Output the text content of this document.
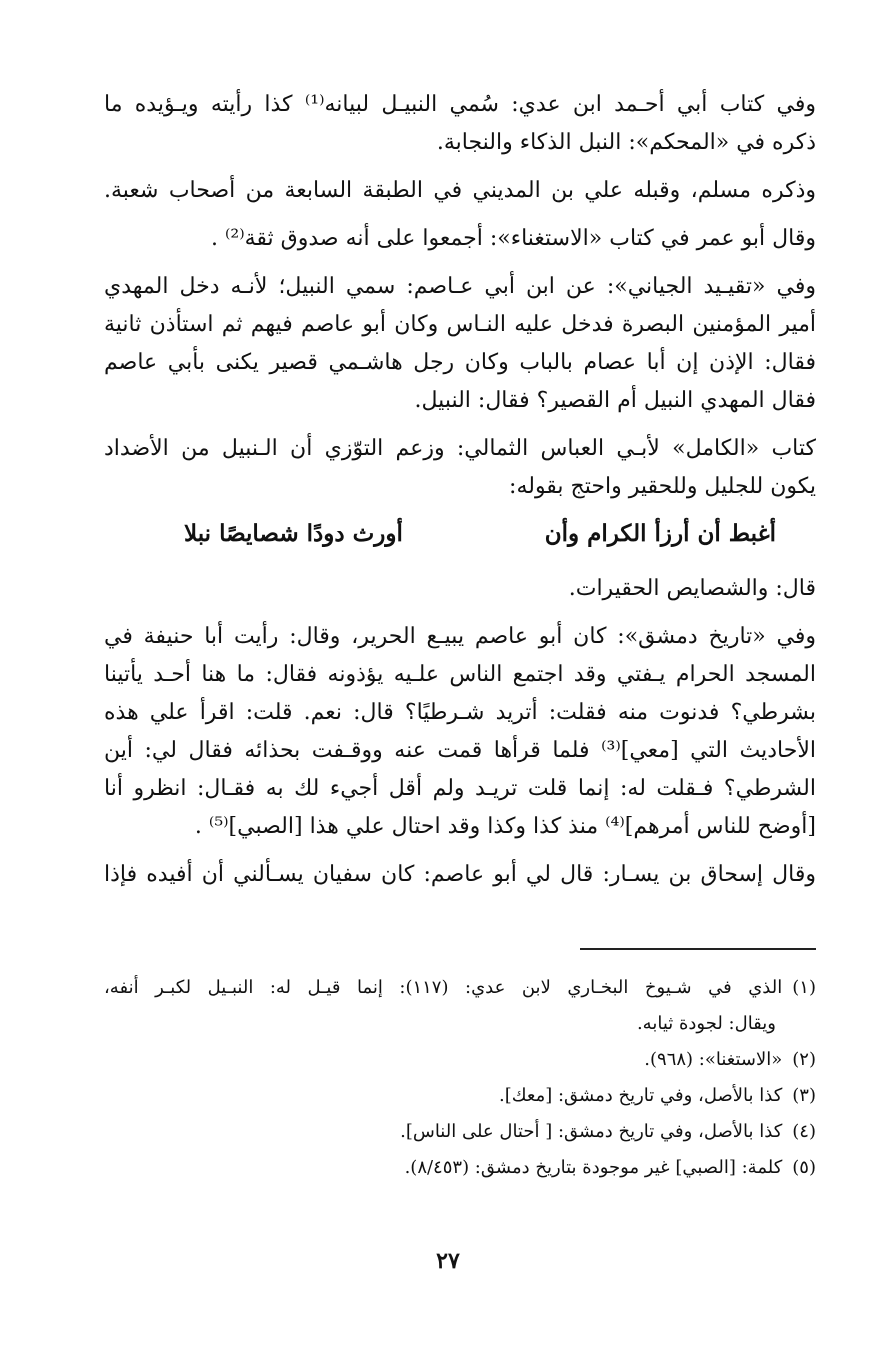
وفي كتاب أبي أحـمد ابن عدي: سُمي النبيـل لبيانه⁽¹⁾ كذا رأيته ويـؤيده ما
ذكره في «المحكم»: النبل الذكاء والنجابة.
وذكره مسلم، وقبله علي بن المديني في الطبقة السابعة من أصحاب شعبة.
وقال أبو عمر في كتاب «الاستغناء»: أجمعوا على أنه صدوق ثقة⁽²⁾ .
وفي «تقيـيد الجياني»: عن ابن أبي عـاصم: سمي النبيل؛ لأنـه دخل المهدي
أمير المؤمنين البصرة فدخل عليه النـاس وكان أبو عاصم فيهم ثم استأذن ثانية
فقال: الإذن إن أبا عصام بالباب وكان رجل هاشـمي قصير يكنى بأبي عاصم
فقال المهدي النبيل أم القصير؟ فقال: النبيل.
كتاب «الكامل» لأبـي العباس الثمالي: وزعم التوّزي أن الـنبيل من الأضداد
يكون للجليل وللحقير واحتج بقوله:
أغبط أن أرزأ الكرام وأن
أورث دودًا شصايصًا نبلا
قال: والشصايص الحقيرات.
وفي «تاريخ دمشق»: كان أبو عاصم يبيـع الحرير، وقال: رأيت أبا حنيفة في
المسجد الحرام يـفتي وقد اجتمع الناس علـيه يؤذونه فقال: ما هنا أحـد يأتينا
بشرطي؟ فدنوت منه فقلت: أتريد شـرطيًا؟ قال: نعم. قلت: اقرأ علي هذه
الأحاديث التي [معي]⁽³⁾ فلما قرأها قمت عنه ووقـفت بحذائه فقال لي: أين
الشرطي؟ فـقلت له: إنما قلت تريـد ولم أقل أجيء لك به فقـال: انظرو أنا
[أوضح للناس أمرهم]⁽⁴⁾ منذ كذا وكذا وقد احتال علي هذا [الصبي]⁽⁵⁾ .
وقال إسحاق بن يسـار: قال لي أبو عاصم: كان سفيان يسـألني أن أفيده فإذا
(١)الذي في شـيوخ البخـاري لابن عدي: (١١٧): إنما قيـل له: النبـيل لكبـر أنفه،
ويقال: لجودة ثيابه.
(٢)«الاستغنا»: (٩٦٨).
(٣)كذا بالأصل، وفي تاريخ دمشق: [معك].
(٤)كذا بالأصل، وفي تاريخ دمشق: [ أحتال على الناس].
(٥)كلمة: [الصبي] غير موجودة بتاريخ دمشق: (٨/٤٥٣).
٢٧
